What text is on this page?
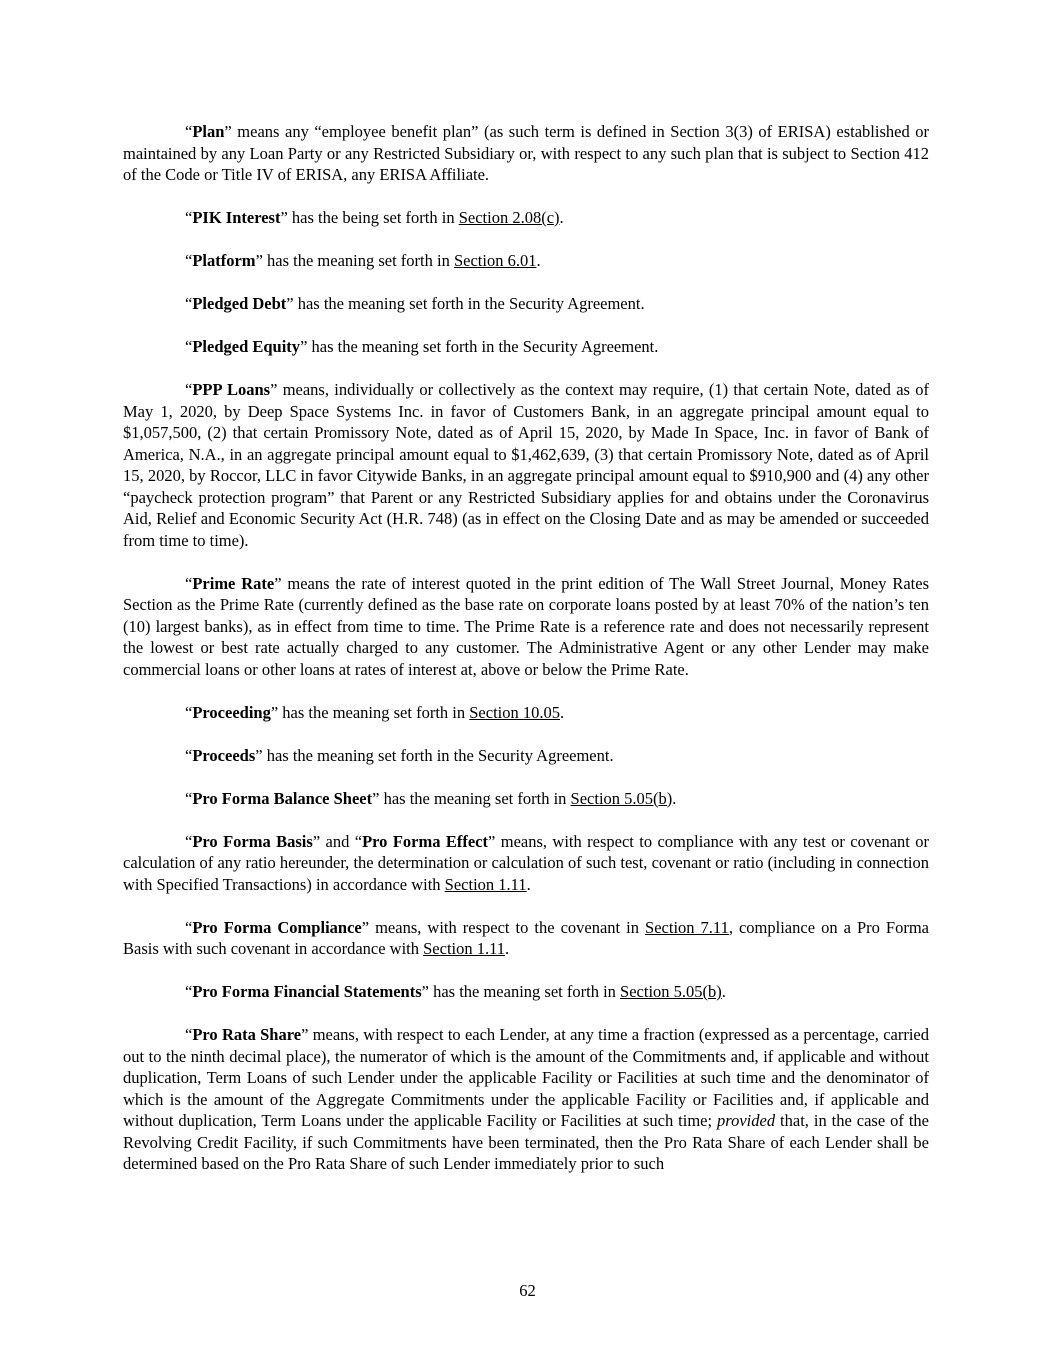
“Plan” means any “employee benefit plan” (as such term is defined in Section 3(3) of ERISA) established or maintained by any Loan Party or any Restricted Subsidiary or, with respect to any such plan that is subject to Section 412 of the Code or Title IV of ERISA, any ERISA Affiliate.

“PIK Interest” has the being set forth in Section 2.08(c).

“Platform” has the meaning set forth in Section 6.01.

“Pledged Debt” has the meaning set forth in the Security Agreement.

“Pledged Equity” has the meaning set forth in the Security Agreement.

“PPP Loans” means, individually or collectively as the context may require, (1) that certain Note, dated as of May 1, 2020, by Deep Space Systems Inc. in favor of Customers Bank, in an aggregate principal amount equal to $1,057,500, (2) that certain Promissory Note, dated as of April 15, 2020, by Made In Space, Inc. in favor of Bank of America, N.A., in an aggregate principal amount equal to $1,462,639, (3) that certain Promissory Note, dated as of April 15, 2020, by Roccor, LLC in favor Citywide Banks, in an aggregate principal amount equal to $910,900 and (4) any other “paycheck protection program” that Parent or any Restricted Subsidiary applies for and obtains under the Coronavirus Aid, Relief and Economic Security Act (H.R. 748) (as in effect on the Closing Date and as may be amended or succeeded from time to time).

“Prime Rate” means the rate of interest quoted in the print edition of The Wall Street Journal, Money Rates Section as the Prime Rate (currently defined as the base rate on corporate loans posted by at least 70% of the nation’s ten (10) largest banks), as in effect from time to time. The Prime Rate is a reference rate and does not necessarily represent the lowest or best rate actually charged to any customer. The Administrative Agent or any other Lender may make commercial loans or other loans at rates of interest at, above or below the Prime Rate.

“Proceeding” has the meaning set forth in Section 10.05.

“Proceeds” has the meaning set forth in the Security Agreement.

“Pro Forma Balance Sheet” has the meaning set forth in Section 5.05(b).

“Pro Forma Basis” and “Pro Forma Effect” means, with respect to compliance with any test or covenant or calculation of any ratio hereunder, the determination or calculation of such test, covenant or ratio (including in connection with Specified Transactions) in accordance with Section 1.11.

“Pro Forma Compliance” means, with respect to the covenant in Section 7.11, compliance on a Pro Forma Basis with such covenant in accordance with Section 1.11.

“Pro Forma Financial Statements” has the meaning set forth in Section 5.05(b).

“Pro Rata Share” means, with respect to each Lender, at any time a fraction (expressed as a percentage, carried out to the ninth decimal place), the numerator of which is the amount of the Commitments and, if applicable and without duplication, Term Loans of such Lender under the applicable Facility or Facilities at such time and the denominator of which is the amount of the Aggregate Commitments under the applicable Facility or Facilities and, if applicable and without duplication, Term Loans under the applicable Facility or Facilities at such time; provided that, in the case of the Revolving Credit Facility, if such Commitments have been terminated, then the Pro Rata Share of each Lender shall be determined based on the Pro Rata Share of such Lender immediately prior to such

62
